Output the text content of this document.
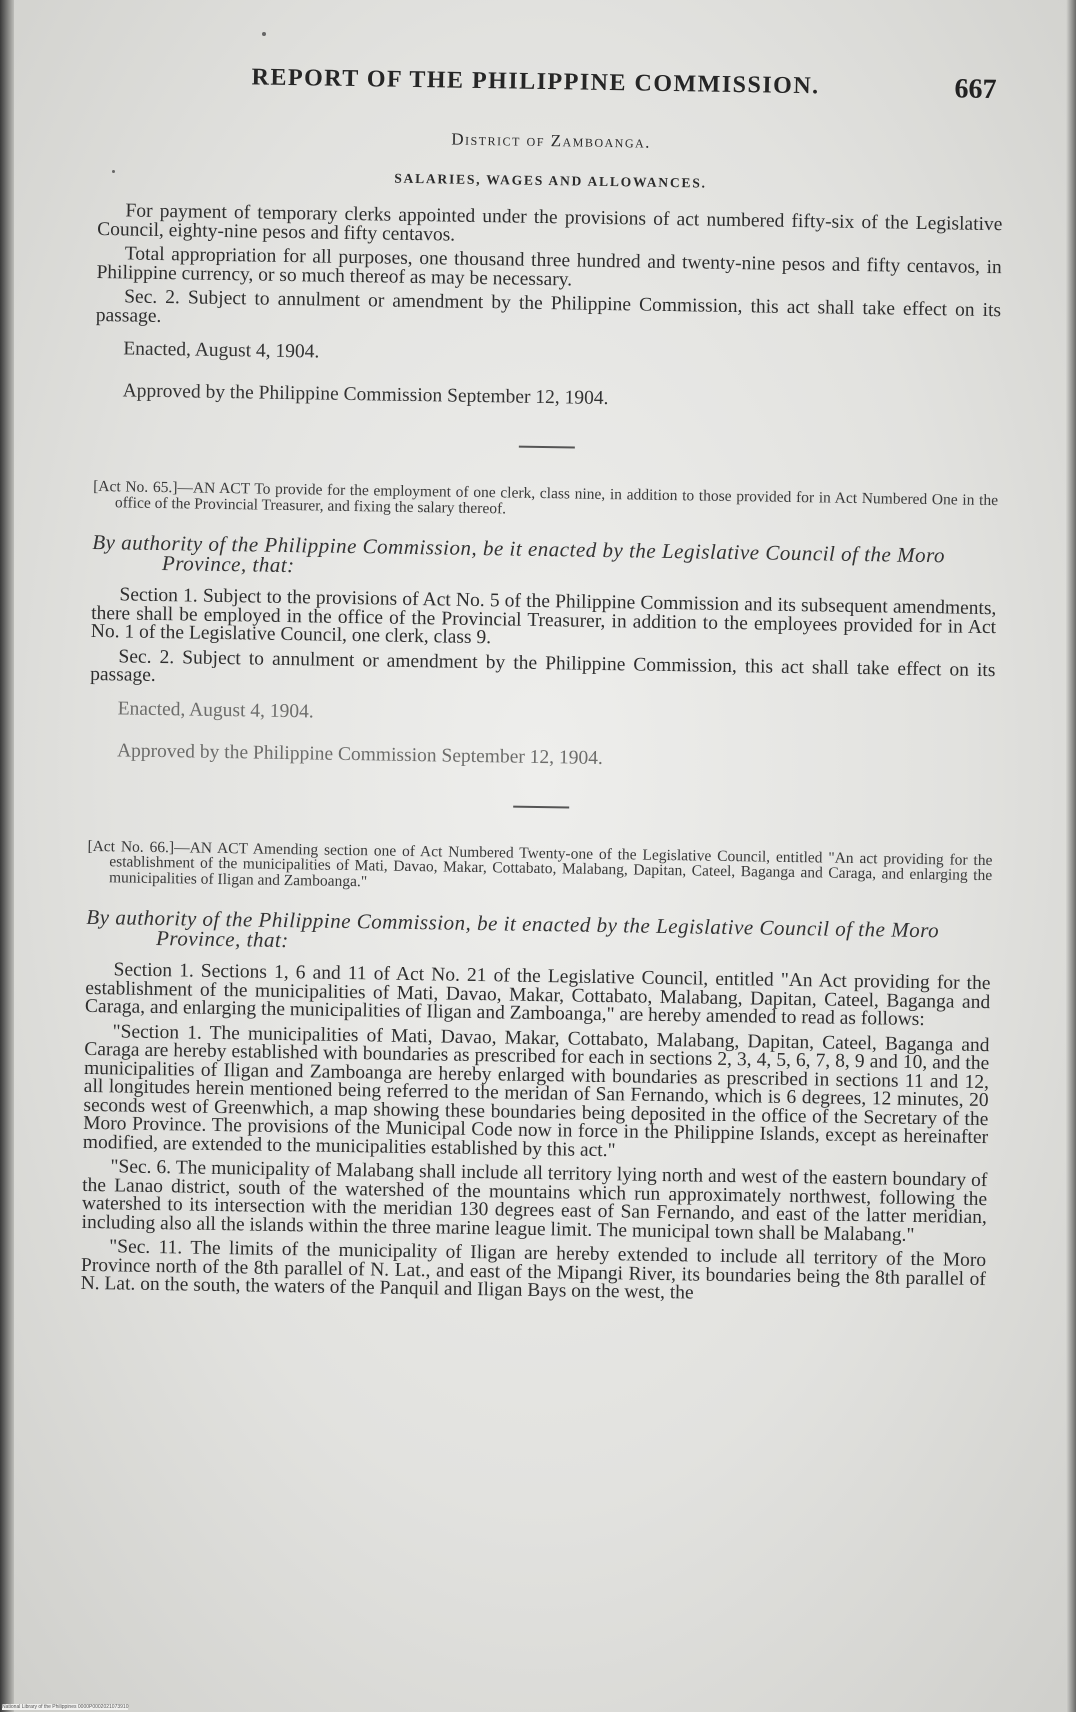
REPORT OF THE PHILIPPINE COMMISSION.	667
District of Zamboanga.
SALARIES, WAGES AND ALLOWANCES.

For payment of temporary clerks appointed under the provisions of act numbered fifty-six of the Legislative Council, eighty-nine pesos and fifty centavos.

Total appropriation for all purposes, one thousand three hundred and twenty-nine pesos and fifty centavos, in Philippine currency, or so much thereof as may be necessary.

Sec. 2. Subject to annulment or amendment by the Philippine Commission, this act shall take effect on its passage.

Enacted, August 4, 1904.

Approved by the Philippine Commission September 12, 1904.

[Act No. 65.]—AN ACT To provide for the employment of one clerk, class nine, in addition to those provided for in Act Numbered One in the office of the Provincial Treasurer, and fixing the salary thereof.

By authority of the Philippine Commission, be it enacted by the Legislative Council of the Moro Province, that:

Section 1. Subject to the provisions of Act No. 5 of the Philippine Commission and its subsequent amendments, there shall be employed in the office of the Provincial Treasurer, in addition to the employees provided for in Act No. 1 of the Legislative Council, one clerk, class 9.

Sec. 2. Subject to annulment or amendment by the Philippine Commission, this act shall take effect on its passage.

Enacted, August 4, 1904.

Approved by the Philippine Commission September 12, 1904.

[Act No. 66.]—AN ACT Amending section one of Act Numbered Twenty-one of the Legislative Council, entitled "An act providing for the establishment of the municipalities of Mati, Davao, Makar, Cottabato, Malabang, Dapitan, Cateel, Baganga and Caraga, and enlarging the municipalities of Iligan and Zamboanga."

By authority of the Philippine Commission, be it enacted by the Legislative Council of the Moro Province, that:

Section 1. Sections 1, 6 and 11 of Act No. 21 of the Legislative Council, entitled "An Act providing for the establishment of the municipalities of Mati, Davao, Makar, Cottabato, Malabang, Dapitan, Cateel, Baganga and Caraga, and enlarging the municipalities of Iligan and Zamboanga," are hereby amended to read as follows:

"Section 1. The municipalities of Mati, Davao, Makar, Cottabato, Malabang, Dapitan, Cateel, Baganga and Caraga are hereby established with boundaries as prescribed for each in sections 2, 3, 4, 5, 6, 7, 8, 9 and 10, and the municipalities of Iligan and Zamboanga are hereby enlarged with boundaries as prescribed in sections 11 and 12, all longitudes herein mentioned being referred to the meridan of San Fernando, which is 6 degrees, 12 minutes, 20 seconds west of Greenwhich, a map showing these boundaries being deposited in the office of the Secretary of the Moro Province. The provisions of the Municipal Code now in force in the Philippine Islands, except as hereinafter modified, are extended to the municipalities established by this act."

"Sec. 6. The municipality of Malabang shall include all territory lying north and west of the eastern boundary of the Lanao district, south of the watershed of the mountains which run approximately northwest, following the watershed to its intersection with the meridian 130 degrees east of San Fernando, and east of the latter meridian, including also all the islands within the three marine league limit. The municipal town shall be Malabang."

"Sec. 11. The limits of the municipality of Iligan are hereby extended to include all territory of the Moro Province north of the 8th parallel of N. Lat., and east of the Mipangi River, its boundaries being the 8th parallel of N. Lat. on the south, the waters of the Panquil and Iligan Bays on the west, the

National Library of the Philippines 0000P0002021073910
